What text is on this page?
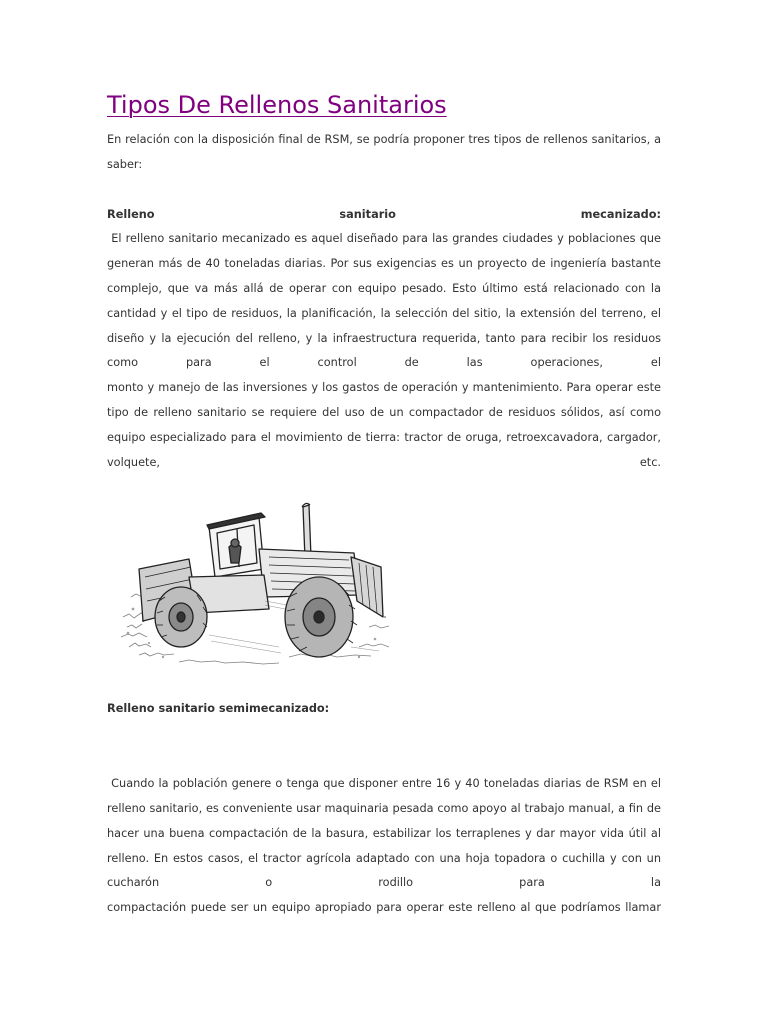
Tipos De Rellenos Sanitarios

En relación con la disposición final de RSM, se podría proponer tres tipos de rellenos sanitarios, a saber:

Relleno sanitario mecanizado:

El relleno sanitario mecanizado es aquel diseñado para las grandes ciudades y poblaciones que generan más de 40 toneladas diarias. Por sus exigencias es un proyecto de ingeniería bastante complejo, que va más allá de operar con equipo pesado. Esto último está relacionado con la cantidad y el tipo de residuos, la planificación, la selección del sitio, la extensión del terreno, el diseño y la ejecución del relleno, y la infraestructura requerida, tanto para recibir los residuos como para el control de las operaciones, el

monto y manejo de las inversiones y los gastos de operación y mantenimiento. Para operar este tipo de relleno sanitario se requiere del uso de un compactador de residuos sólidos, así como equipo especializado para el movimiento de tierra: tractor de oruga, retroexcavadora, cargador, volquete, etc.

Relleno sanitario semimecanizado:

Cuando la población genere o tenga que disponer entre 16 y 40 toneladas diarias de RSM en el relleno sanitario, es conveniente usar maquinaria pesada como apoyo al trabajo manual, a fin de hacer una buena compactación de la basura, estabilizar los terraplenes y dar mayor vida útil al relleno. En estos casos, el tractor agrícola adaptado con una hoja topadora o cuchilla y con un cucharón o rodillo para la

compactación puede ser un equipo apropiado para operar este relleno al que podríamos llamar
